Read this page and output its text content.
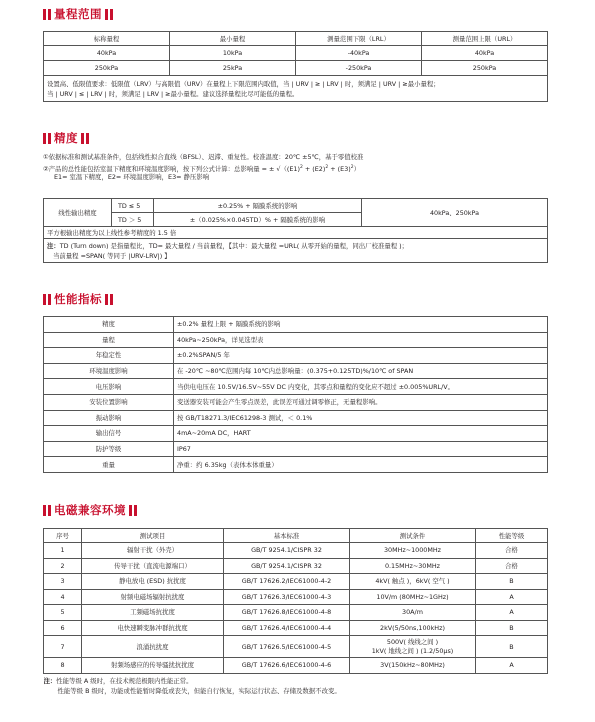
量程范围
标称量程	最小量程	测量范围下限（LRL）	测量范围上限（URL）
40kPa	10kPa	-40kPa	40kPa
250kPa	25kPa	-250kPa	250kPa

设置高、低限值要求：低限值（LRV）与高限值（URV）在量程上下限范围内取值，当 | URV | ≥ | LRV | 时，须满足 | URV | ≥最小量程；
当 | URV | ≤ | LRV | 时，须满足 | LRV | ≥最小量程。建议选择量程比尽可能低的量程。			
精度
①依据标准和测试基准条件，包括线性拟合直线（BFSL）、迟滞、重复性。校准温度：20℃ ±5℃，基于零值校准
②产品的总性能包括室温下精度和环境温度影响，按下列公式计算：总影响量 = ± $√((E1)^2 + (E2)^2 + (E3)^2)$
E1= 室温下精度，E2= 环境温度影响，E3= 静压影响
线性输出精度	TD ≤ 5	±0.25% + 隔膜系统的影响	40kPa、250kPa
	TD ＞ 5	±（0.025%×0.045TD）% + 隔膜系统的影响	
平方根输出精度为以上线性参考精度的 1.5 倍			

注：TD (Turn down) 是指量程比，TD= 最大量程 / 当前量程，【其中：最大量程 =URL( 从零开始的量程，同出厂校准量程 )；
当前量程 =SPAN( 等同于 |URV-LRV|) 】			
性能指标
精度	±0.2% 量程上限 + 隔膜系统的影响
量程	40kPa~250kPa，详见选型表
年稳定性	±0.2%SPAN/5 年
环境温度影响	在 -20℃ ~80℃范围内每 10℃内总影响量：(0.375+0.125TD)%/10℃ of SPAN
电压影响	当供电电压在 10.5V/16.5V~55V DC 内变化，其零点和量程的变化应不超过 ±0.005%URL/V。
安装位置影响	变送器安装可能会产生零点误差，此误差可通过调零修正，无量程影响。
振动影响	按 GB/T18271.3/IEC61298-3 测试，＜ 0.1%
输出信号	4mA~20mA DC，HART
防护等级	IP67
重量	净重：约 6.35kg（表体本体重量）
电磁兼容环境
序号	测试项目	基本标准	测试条件	性能等级
1	辐射干扰（外壳）	GB/T 9254.1/CISPR 32	30MHz~1000MHz	合格
2	传导干扰（直流电源端口）	GB/T 9254.1/CISPR 32	0.15MHz~30MHz	合格
3	静电放电 (ESD) 抗扰度	GB/T 17626.2/IEC61000-4-2	4kV( 触点 )，6kV( 空气 )	B
4	射频电磁场辐射抗扰度	GB/T 17626.3/IEC61000-4-3	10V/m (80MHz~1GHz)	A
5	工频磁场抗扰度	GB/T 17626.8/IEC61000-4-8	30A/m	A
6	电快速瞬变脉冲群抗扰度	GB/T 17626.4/IEC61000-4-4	2kV(5/50ns,100kHz)	B
7	浪涌抗扰度	GB/T 17626.5/IEC61000-4-5	500V( 线线之间 )
1kV( 地线之间 ) (1.2/50μs)	B
8	射频场感应的传导骚扰抗扰度	GB/T 17626.6/IEC61000-4-6	3V(150kHz~80MHz)	A

注：性能等级 A 级时，在技术规范极限内性能正常。
性能等级 B 级时，功能或性能暂时降低或丧失，但能自行恢复，实际运行状态、存储及数据不改变。				
